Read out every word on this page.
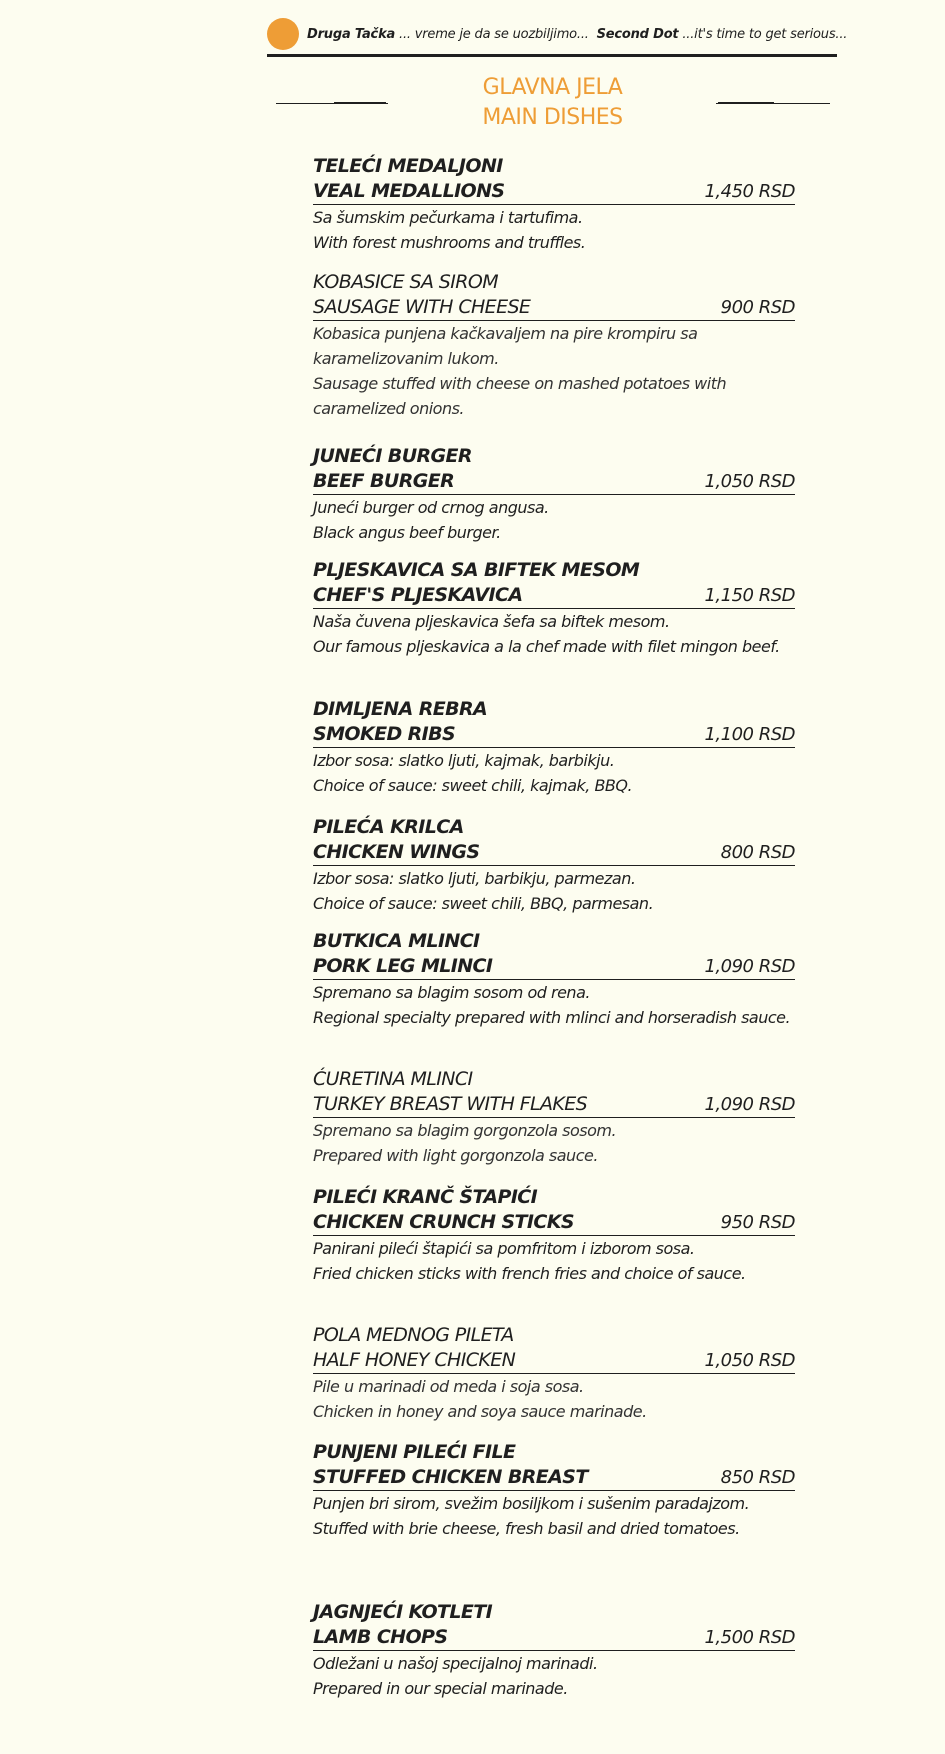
Druga Tačka ... vreme je da se uozbiljimo... Second Dot ...it's time to get serious...
GLAVNA JELA
MAIN DISHES
TELEĆI MEDALJONI
VEAL MEDALLIONS	1,450 RSD
Sa šumskim pečurkama i tartufima.
With forest mushrooms and truffles.
KOBASICE SA SIROM
SAUSAGE WITH CHEESE	900 RSD
Kobasica punjena kačkavaljem na pire krompiru sa karamelizovanim lukom.
Sausage stuffed with cheese on mashed potatoes with caramelized onions.
JUNEĆI BURGER
BEEF BURGER	1,050 RSD
Juneći burger od crnog angusa.
Black angus beef burger.
PLJESKAVICA SA BIFTEK MESOM
CHEF'S PLJESKAVICA	1,150 RSD
Naša čuvena pljeskavica šefa sa biftek mesom.
Our famous pljeskavica a la chef made with filet mingon beef.
DIMLJENA REBRA
SMOKED RIBS	1,100 RSD
Izbor sosa: slatko ljuti, kajmak, barbikju.
Choice of sauce: sweet chili, kajmak, BBQ.
PILEĆA KRILCA
CHICKEN WINGS	800 RSD
Izbor sosa: slatko ljuti, barbikju, parmezan.
Choice of sauce: sweet chili, BBQ, parmesan.
BUTKICA MLINCI
PORK LEG MLINCI	1,090 RSD
Spremano sa blagim sosom od rena.
Regional specialty prepared with mlinci and horseradish sauce.
ĆURETINA MLINCI
TURKEY BREAST WITH FLAKES	1,090 RSD
Spremano sa blagim gorgonzola sosom.
Prepared with light gorgonzola sauce.
PILEĆI KRANČ ŠTAPIĆI
CHICKEN CRUNCH STICKS	950 RSD
Panirani pileći štapići sa pomfritom i izborom sosa.
Fried chicken sticks with french fries and choice of sauce.
POLA MEDNOG PILETA
HALF HONEY CHICKEN	1,050 RSD
Pile u marinadi od meda i soja sosa.
Chicken in honey and soya sauce marinade.
PUNJENI PILEĆI FILE
STUFFED CHICKEN BREAST	850 RSD
Punjen bri sirom, svežim bosiljkom i sušenim paradajzom.
Stuffed with brie cheese, fresh basil and dried tomatoes.
JAGNJEĆI KOTLETI
LAMB CHOPS	1,500 RSD
Odležani u našoj specijalnoj marinadi.
Prepared in our special marinade.
